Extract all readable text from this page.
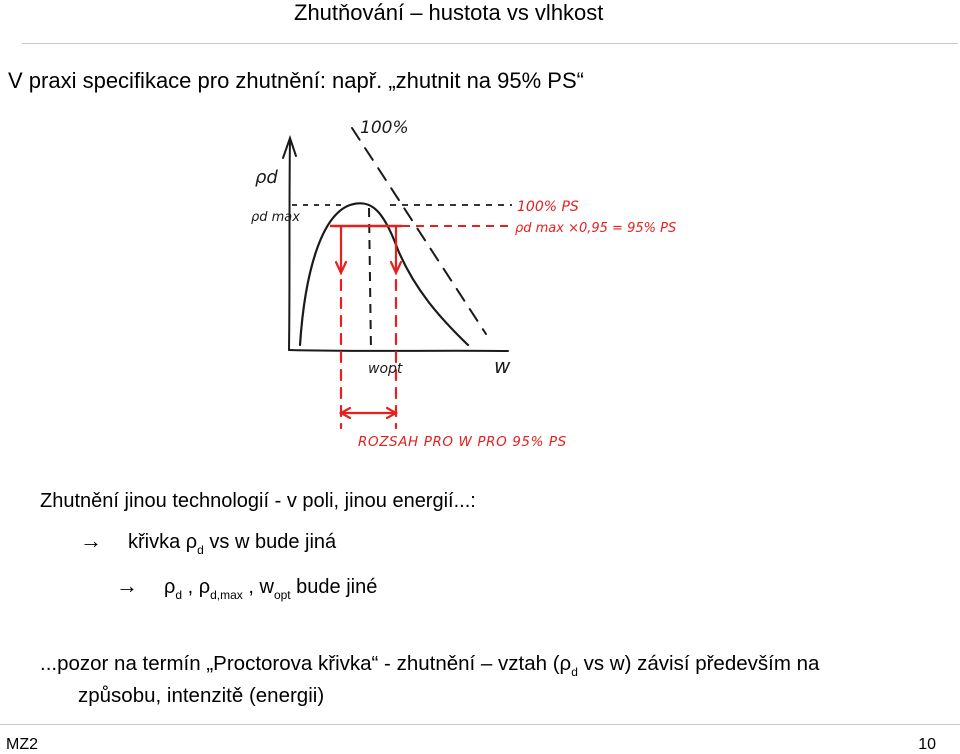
Zhutňování – hustota vs vlhkost
V praxi specifikace pro zhutnění: např. „zhutnit na 95% PS“
ρd
ρd max
100%
wopt	w
100% PS
ρd max ×0,95 = 95% PS
ROZSAH PRO W PRO 95% PS
Zhutnění jinou technologií - v poli, jinou energií...:
→ křivka $\rho_d$ vs w bude jiná
→ $\rho_d$ , $\rho_{d,max}$ , $w_{opt}$ bude jiné
...pozor na termín „Proctorova křivka“ - zhutnění – vztah ($\rho_d$ vs w) závisí především na
způsobu, intenzitě (energii)
MZ2	10
